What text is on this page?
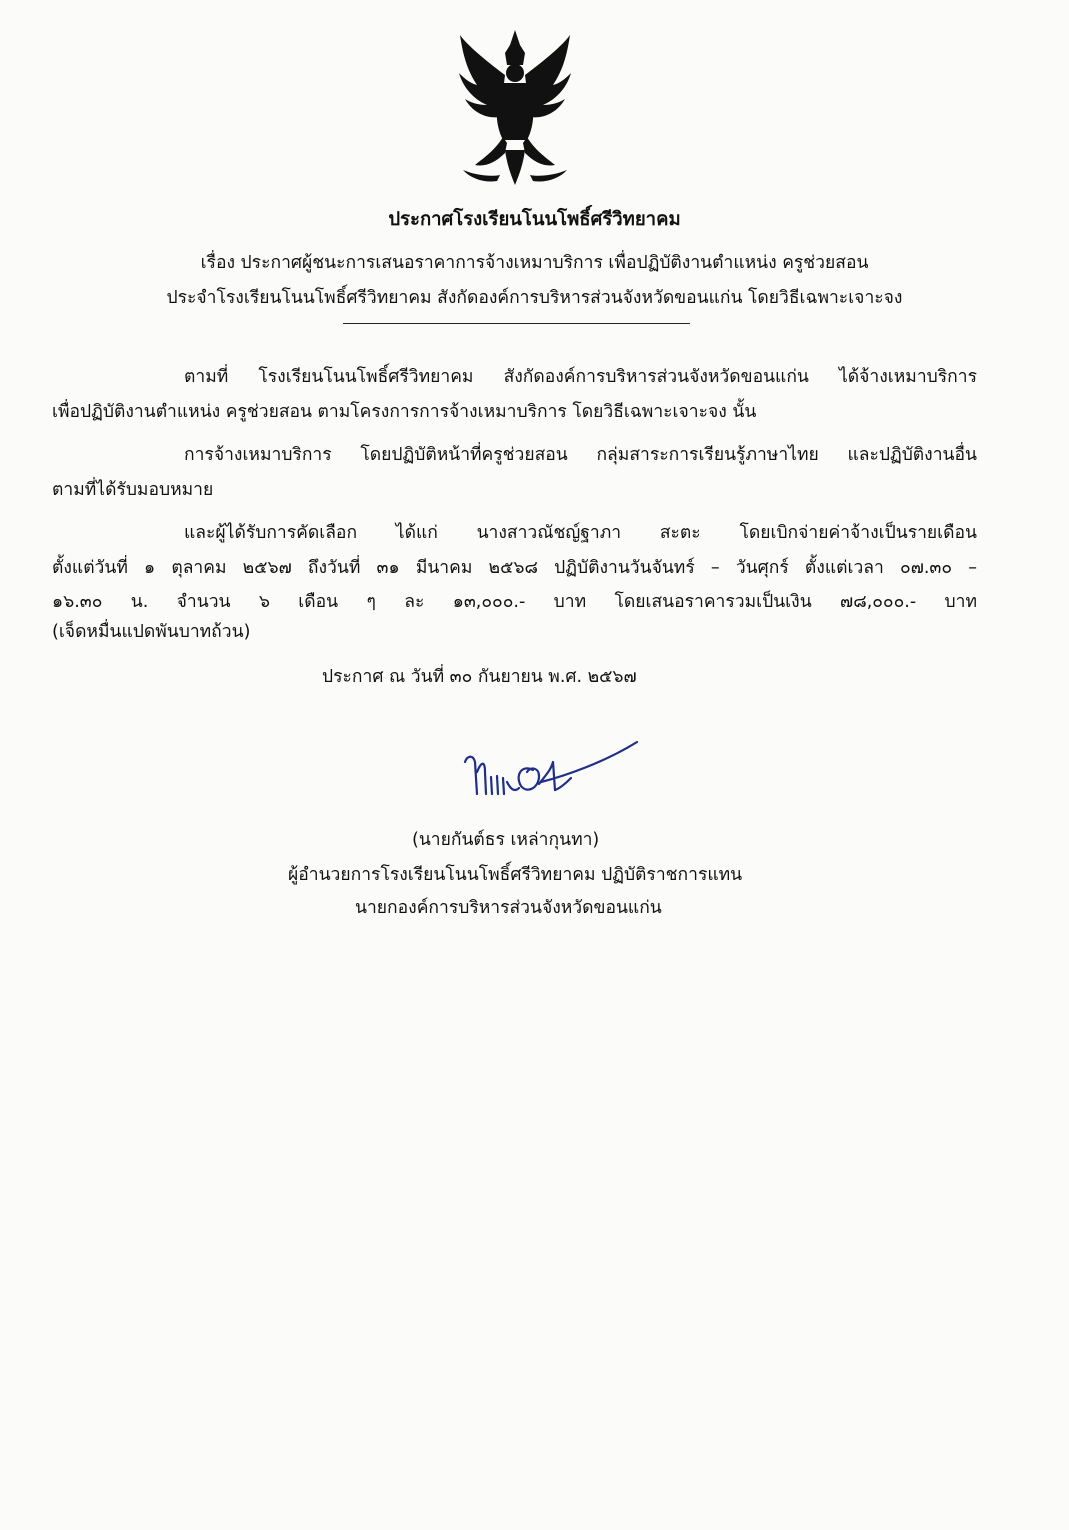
ประกาศโรงเรียนโนนโพธิ์ศรีวิทยาคม
เรื่อง ประกาศผู้ชนะการเสนอราคาการจ้างเหมาบริการ เพื่อปฏิบัติงานตำแหน่ง ครูช่วยสอน
ประจำโรงเรียนโนนโพธิ์ศรีวิทยาคม สังกัดองค์การบริหารส่วนจังหวัดขอนแก่น โดยวิธีเฉพาะเจาะจง
ตามที่ โรงเรียนโนนโพธิ์ศรีวิทยาคม สังกัดองค์การบริหารส่วนจังหวัดขอนแก่น ได้จ้างเหมาบริการ
เพื่อปฏิบัติงานตำแหน่ง ครูช่วยสอน ตามโครงการการจ้างเหมาบริการ โดยวิธีเฉพาะเจาะจง นั้น
การจ้างเหมาบริการ โดยปฏิบัติหน้าที่ครูช่วยสอน กลุ่มสาระการเรียนรู้ภาษาไทย และปฏิบัติงานอื่น
ตามที่ได้รับมอบหมาย
และผู้ได้รับการคัดเลือก ได้แก่ นางสาวณัชญ์ฐาภา สะตะ โดยเบิกจ่ายค่าจ้างเป็นรายเดือน
ตั้งแต่วันที่ ๑ ตุลาคม ๒๕๖๗ ถึงวันที่ ๓๑ มีนาคม ๒๕๖๘ ปฏิบัติงานวันจันทร์ – วันศุกร์ ตั้งแต่เวลา ๐๗.๓๐ –
๑๖.๓๐ น. จำนวน ๖ เดือน ๆ ละ ๑๓,๐๐๐.- บาท โดยเสนอราคารวมเป็นเงิน ๗๘,๐๐๐.- บาท
(เจ็ดหมื่นแปดพันบาทถ้วน)
ประกาศ ณ วันที่ ๓๐ กันยายน พ.ศ. ๒๕๖๗
(นายกันต์ธร เหล่ากุนทา)
ผู้อำนวยการโรงเรียนโนนโพธิ์ศรีวิทยาคม ปฏิบัติราชการแทน
นายกองค์การบริหารส่วนจังหวัดขอนแก่น
